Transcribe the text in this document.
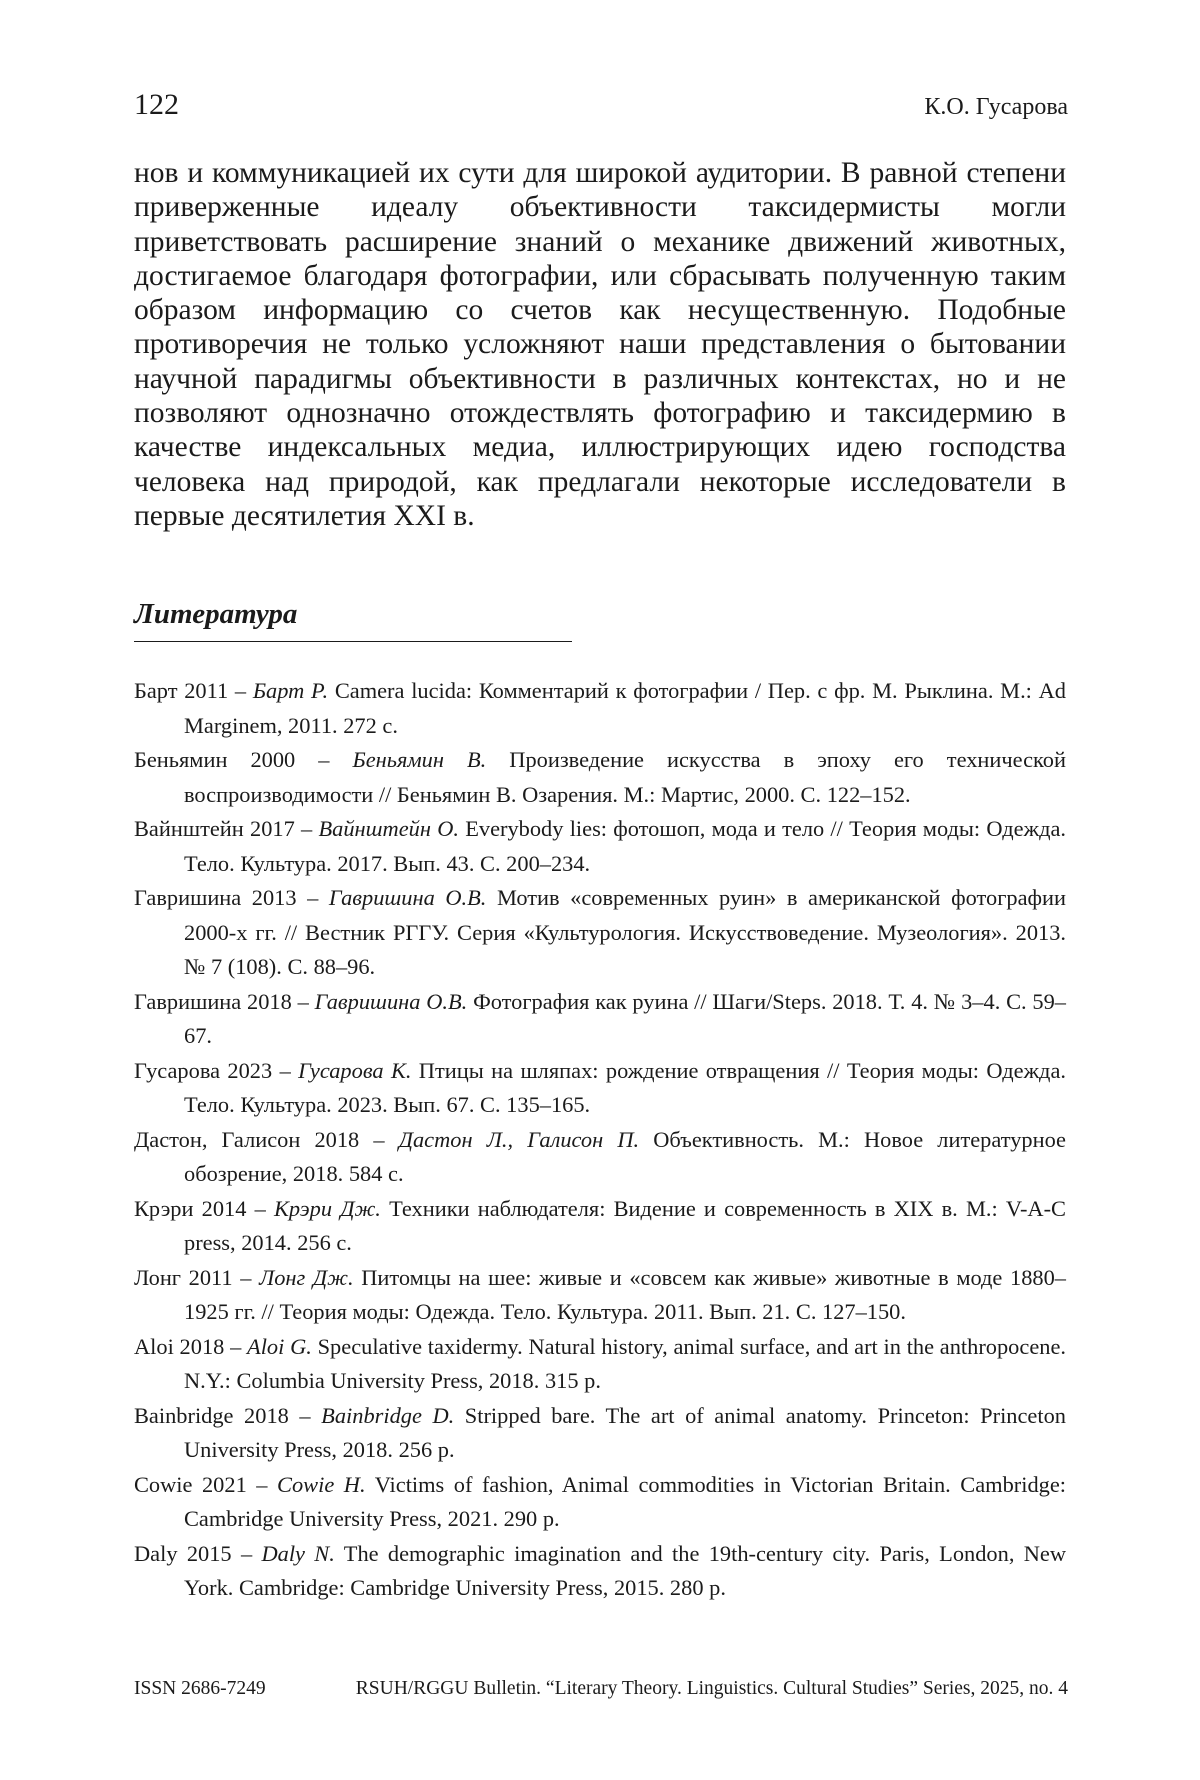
122	К.О. Гусарова

нов и коммуникацией их сути для широкой аудитории. В равной степени приверженные идеалу объективности таксидермисты могли приветствовать расширение знаний о механике движений животных, достигаемое благодаря фотографии, или сбрасывать полученную таким образом информацию со счетов как несущественную. Подобные противоречия не только усложняют наши представления о бытовании научной парадигмы объективности в различных контекстах, но и не позволяют однозначно отождествлять фотографию и таксидермию в качестве индексальных медиа, иллюстрирующих идею господства человека над природой, как предлагали некоторые исследователи в первые десятилетия XXI в.

Литература
Барт 2011 – Барт Р. Camera lucida: Комментарий к фотографии / Пер. с фр. М. Рыклина. М.: Ad Marginem, 2011. 272 с.
Беньямин 2000 – Беньямин В. Произведение искусства в эпоху его технической воспроизводимости // Беньямин В. Озарения. М.: Мартис, 2000. С. 122–152.
Вайнштейн 2017 – Вайнштейн О. Everybody lies: фотошоп, мода и тело // Теория моды: Одежда. Тело. Культура. 2017. Вып. 43. С. 200–234.
Гавришина 2013 – Гавришина О.В. Мотив «современных руин» в американской фотографии 2000-х гг. // Вестник РГГУ. Серия «Культурология. Искусствоведение. Музеология». 2013. № 7 (108). С. 88–96.
Гавришина 2018 – Гавришина О.В. Фотография как руина // Шаги/Steps. 2018. Т. 4. № 3–4. С. 59–67.
Гусарова 2023 – Гусарова К. Птицы на шляпах: рождение отвращения // Теория моды: Одежда. Тело. Культура. 2023. Вып. 67. С. 135–165.
Дастон, Галисон 2018 – Дастон Л., Галисон П. Объективность. М.: Новое литературное обозрение, 2018. 584 с.
Крэри 2014 – Крэри Дж. Техники наблюдателя: Видение и современность в XIX в. М.: V-A-C press, 2014. 256 с.
Лонг 2011 – Лонг Дж. Питомцы на шее: живые и «совсем как живые» животные в моде 1880–1925 гг. // Теория моды: Одежда. Тело. Культура. 2011. Вып. 21. С. 127–150.
Aloi 2018 – Aloi G. Speculative taxidermy. Natural history, animal surface, and art in the anthropocene. N.Y.: Columbia University Press, 2018. 315 p.
Bainbridge 2018 – Bainbridge D. Stripped bare. The art of animal anatomy. Princeton: Princeton University Press, 2018. 256 p.
Cowie 2021 – Cowie H. Victims of fashion, Animal commodities in Victorian Britain. Cambridge: Cambridge University Press, 2021. 290 p.
Daly 2015 – Daly N. The demographic imagination and the 19th-century city. Paris, London, New York. Cambridge: Cambridge University Press, 2015. 280 p.
ISSN 2686-7249	RSUH/RGGU Bulletin. “Literary Theory. Linguistics. Cultural Studies” Series, 2025, no. 4
